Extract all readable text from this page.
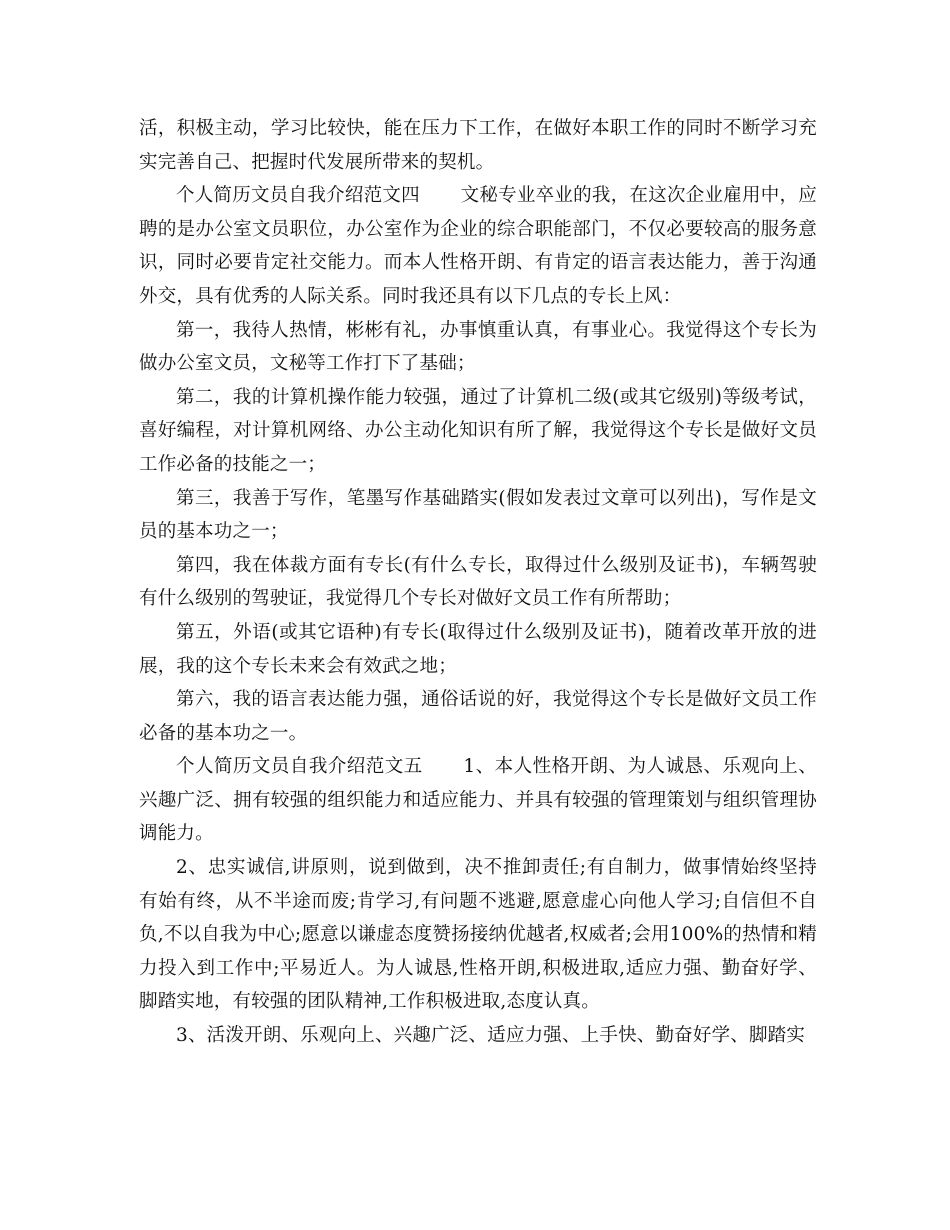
活，积极主动，学习比较快，能在压力下工作，在做好本职工作的同时不断学习充实完善自己、把握时代发展所带来的契机。

个人简历文员自我介绍范文四 文秘专业卒业的我，在这次企业雇用中，应聘的是办公室文员职位，办公室作为企业的综合职能部门，不仅必要较高的服务意识，同时必要肯定社交能力。而本人性格开朗、有肯定的语言表达能力，善于沟通外交，具有优秀的人际关系。同时我还具有以下几点的专长上风：

第一，我待人热情，彬彬有礼，办事慎重认真，有事业心。我觉得这个专长为做办公室文员，文秘等工作打下了基础；

第二，我的计算机操作能力较强，通过了计算机二级(或其它级别)等级考试，喜好编程，对计算机网络、办公主动化知识有所了解，我觉得这个专长是做好文员工作必备的技能之一；

第三，我善于写作，笔墨写作基础踏实(假如发表过文章可以列出)，写作是文员的基本功之一；

第四，我在体裁方面有专长(有什么专长，取得过什么级别及证书)，车辆驾驶有什么级别的驾驶证，我觉得几个专长对做好文员工作有所帮助；

第五，外语(或其它语种)有专长(取得过什么级别及证书)，随着改革开放的进展，我的这个专长未来会有效武之地；

第六，我的语言表达能力强，通俗话说的好，我觉得这个专长是做好文员工作必备的基本功之一。

个人简历文员自我介绍范文五 1、本人性格开朗、为人诚恳、乐观向上、兴趣广泛、拥有较强的组织能力和适应能力、并具有较强的管理策划与组织管理协调能力。

2、忠实诚信,讲原则，说到做到，决不推卸责任;有自制力，做事情始终坚持有始有终，从不半途而废;肯学习,有问题不逃避,愿意虚心向他人学习;自信但不自负,不以自我为中心;愿意以谦虚态度赞扬接纳优越者,权威者;会用100%的热情和精力投入到工作中;平易近人。为人诚恳,性格开朗,积极进取,适应力强、勤奋好学、脚踏实地，有较强的团队精神,工作积极进取,态度认真。

3、活泼开朗、乐观向上、兴趣广泛、适应力强、上手快、勤奋好学、脚踏实
